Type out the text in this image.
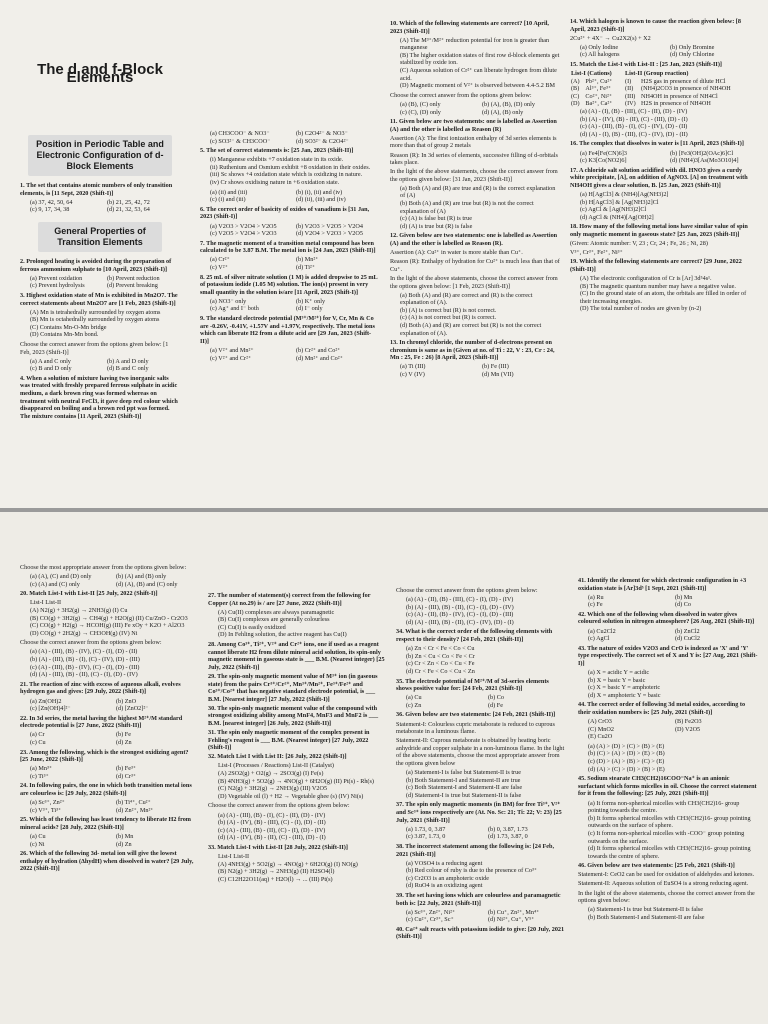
The d and f-Block Elements
Position in Periodic Table and Electronic Configuration of d-Block Elements

1. The set that contains atomic numbers of only transition elements, is [11 Sept, 2020 (Shift-I)]

(a) 37, 42, 50, 64	(b) 21, 25, 42, 72
(c) 9, 17, 34, 38	(d) 21, 32, 53, 64
General Properties of Transition Elements

2. Prolonged heating is avoided during the preparation of ferrous ammonium sulphate to [10 April, 2023 (Shift-I)]

(a) Prevent oxidation	(b) Prevent reduction
(c) Prevent hydrolysis	(d) Prevent breaking

3. Highest oxidation state of Mn is exhibited in Mn2O7. The correct statements about Mn2O7 are [1 Feb, 2023 (Shift-I)]

(A) Mn is tetrahedrally surrounded by oxygen atoms
(B) Mn is octahedrally surrounded by oxygen atoms
(C) Contains Mn-O-Mn bridge
(D) Contains Mn-Mn bond.

Choose the correct answer from the options given below: [1 Feb, 2023 (Shift-I)]

(a) A and C only	(b) A and D only
(c) B and D only	(d) B and C only

4. When a solution of mixture having two inorganic salts was treated with freshly prepared ferrous sulphate in acidic medium, a dark brown ring was formed whereas on treatment with neutral FeCl3, it gave deep red colour which disappeared on boiling and a brown red ppt was formed. The mixture contains [11 April, 2023 (Shift-I)]

(a) CH3COO⁻ & NO3⁻	(b) C2O4²⁻ & NO3⁻
(c) SO3²⁻ & CH3COO⁻	(d) SO3²⁻ & C2O4²⁻

5. The set of correct statements is: [25 Jan, 2023 (Shift-II)]

(i) Manganese exhibits +7 oxidation state in its oxide.
(ii) Ruthenium and Osmium exhibit +8 oxidation in their oxides.
(iii) Sc shows +4 oxidation state which is oxidizing in nature.
(iv) Cr shows oxidising nature in +6 oxidation state.
(a) (ii) and (iii)	(b) (i), (ii) and (iv)
(c) (i) and (iii)	(d) (ii), (iii) and (iv)

6. The correct order of basicity of oxides of vanadium is [31 Jan, 2023 (Shift-I)]

(a) V2O3 > V2O4 > V2O5	(b) V2O3 > V2O5 > V2O4
(c) V2O5 > V2O4 > V2O3	(d) V2O4 > V2O3 > V2O5

7. The magnetic moment of a transition metal compound has been calculated to be 3.87 B.M. The metal ion is [24 Jan, 2023 (Shift-II)]

(a) Cr²⁺	(b) Mn²⁺
(c) V²⁺	(d) Ti²⁺

8. 25 mL of silver nitrate solution (1 M) is added dropwise to 25 mL of potassium iodide (1.05 M) solution. The ion(s) present in very small quantity in the solution is/are [11 April, 2023 (Shift-I)]

(a) NO3⁻ only	(b) K⁺ only
(c) Ag⁺ and I⁻ both	(d) I⁻ only

9. The standard electrode potential (M³⁺/M²⁺) for V, Cr, Mn & Co are -0.26V, -0.41V, +1.57V and +1.97V, respectively. The metal ions which can liberate H2 from a dilute acid are [29 Jan, 2023 (Shift-II)]

(a) V²⁺ and Mn²⁺	(b) Cr²⁺ and Co²⁺
(c) V²⁺ and Cr²⁺	(d) Mn²⁺ and Co²⁺

10. Which of the following statements are correct? [10 April, 2023 (Shift-II)]

(A) The M³⁺/M²⁺ reduction potential for iron is greater than manganese
(B) The higher oxidation states of first row d-block elements get stabilized by oxide ion.
(C) Aqueous solution of Cr²⁺ can liberate hydrogen from dilute acid.
(D) Magnetic moment of V²⁺ is observed between 4.4-5.2 BM

Choose the correct answer from the options given below:

(a) (B), (C) only	(b) (A), (B), (D) only
(c) (C), (D) only	(d) (A), (B) only

11. Given below are two statements: one is labelled as Assertion (A) and the other is labelled as Reason (R)

Assertion (A): The first ionization enthalpy of 3d series elements is more than that of group 2 metals

Reason (R): In 3d series of elements, successive filling of d-orbitals takes place.

In the light of the above statements, choose the correct answer from the options given below: [31 Jan, 2023 (Shift-II)]

(a) Both (A) and (R) are true and (R) is the correct explanation of (A)
(b) Both (A) and (R) are true but (R) is not the correct explanation of (A)
(c) (A) is false but (R) is true
(d) (A) is true but (R) is false

12. Given below are two statements: one is labelled as Assertion (A) and the other is labelled as Reason (R).

Assertion (A): Cu²⁺ in water is more stable than Cu⁺.

Reason (R): Enthalpy of hydration for Cu²⁺ is much less than that of Cu⁺.

In the light of the above statements, choose the correct answer from the options given below: [1 Feb, 2023 (Shift-II)]

(a) Both (A) and (R) are correct and (R) is the correct explanation of (A).
(b) (A) is correct but (R) is not correct.
(c) (A) is not correct but (R) is correct.
(d) Both (A) and (R) are correct but (R) is not the correct explanation of (A).

13. In chromyl chloride, the number of d-electrons present on chromium is same as in (Given at no. of Ti : 22, V : 23, Cr : 24, Mn : 25, Fe : 26) [8 April, 2023 (Shift-II)]

(a) Ti (III)	(b) Fe (III)
(c) V (IV)	(d) Mn (VII)

14. Which halogen is known to cause the reaction given below: [8 April, 2023 (Shift-I)]

2Cu²⁺ + 4X⁻ → Cu2X2(s) + X2

(a) Only Iodine	(b) Only Bromine
(c) All halogens	(d) Only Chlorine

15. Match the List-I with List-II : [25 Jan, 2023 (Shift-II)]

List-I (Cations)		List-II (Group reaction)	
(A)	Pb²⁺, Cu²⁺	(I)	H2S gas in presence of dilute HCl
(B)	Al³⁺, Fe³⁺	(II)	(NH4)2CO3 in presence of NH4OH
(C)	Co²⁺, Ni²⁺	(III)	NH4OH in presence of NH4Cl
(D)	Ba²⁺, Ca²⁺	(IV)	H2S in presence of NH4OH
(a) (A) - (I), (B) - (III), (C) - (II), (D) - (IV)
(b) (A) - (IV), (B) - (II), (C) - (III), (D) - (I)
(c) (A) - (III), (B) - (I), (C) - (IV), (D) - (II)
(d) (A) - (I), (B) - (III), (C) - (IV), (D) - (II)

16. The complex that dissolves in water is [11 April, 2023 (Shift-I)]

(a) Fe4[Fe(CN)6]3	(b) [Fe3(OH)2(OAc)6]Cl
(c) K3[Co(NO2)6]	(d) (NH4)3[As(Mo3O10)4]

17. A chloride salt solution acidified with dil. HNO3 gives a curdy white precipitate, [A], on addition of AgNO3. [A] on treatment with NH4OH gives a clear solution, B. [25 Jan, 2023 (Shift-II)]

(a) H[AgCl3] & (NH4)[Ag(NH3)2]
(b) H[AgCl3] & [Ag(NH3)2]Cl
(c) AgCl & [Ag(NH3)2]Cl
(d) AgCl & (NH4)[Ag(OH)2]

18. How many of the following metal ions have similar value of spin only magnetic moment in gaseous state? [25 Jan, 2023 (Shift-II)]

(Given: Atomic number: V, 23 ; Cr, 24 ; Fe, 26 ; Ni, 28)

V³⁺, Cr³⁺, Fe²⁺, Ni³⁺

19. Which of the following statements are correct? [29 June, 2022 (Shift-II)]

(A) The electronic configuration of Cr is [Ar] 3d⁵4s¹.
(B) The magnetic quantum number may have a negative value.
(C) In the ground state of an atom, the orbitals are filled in order of their increasing energies.
(D) The total number of nodes are given by (n-2)

Choose the most appropriate answer from the options given below:

(a) (A), (C) and (D) only	(b) (A) and (B) only
(c) (A) and (C) only	(d) (A), (B) and (C) only

20. Match List-I with List-II [25 July, 2022 (Shift-I)]

List-I List-II
(A) N2(g) + 3H2(g) → 2NH3(g) (I) Cu
(B) CO(g) + 3H2(g) → CH4(g) + H2O(g) (II) Cu/ZnO - Cr2O3
(C) CO(g) + H2(g) → HCOH(g) (III) Fe xOy + K2O + Al2O3
(D) CO(g) + 2H2(g) → CH3OH(g) (IV) Ni

Choose the correct answer from the options given below:

(a) (A) - (III), (B) - (IV), (C) - (I), (D) - (II)
(b) (A) - (III), (B) - (I), (C) - (IV), (D) - (III)
(c) (A) - (III), (B) - (IV), (C) - (I), (D) - (III)
(d) (A) - (III), (B) - (II), (C) - (I), (D) - (IV)

21. The reaction of zinc with excess of aqueous alkali, evolves hydrogen gas and gives: [29 July, 2022 (Shift-I)]

(a) Zn(OH)2	(b) ZnO
(c) [Zn(OH)4]²⁻	(d) [ZnO2]²⁻

22. In 3d series, the metal having the highest M²⁺/M standard electrode potential is [27 June, 2022 (Shift-II)]

(a) Cr	(b) Fe
(c) Cu	(d) Zn

23. Among the following, which is the strongest oxidizing agent? [25 June, 2022 (Shift-I)]

(a) Mn³⁺	(b) Fe³⁺
(c) Ti³⁺	(d) Cr³⁺

24. In following pairs, the one in which both transition metal ions are colourless is: [29 July, 2022 (Shift-I)]

(a) Sc³⁺, Zn²⁺	(b) Ti⁴⁺, Cu²⁺
(c) V³⁺, Ti³⁺	(d) Zn²⁺, Mn²⁺

25. Which of the following has least tendency to liberate H2 from mineral acids? [28 July, 2022 (Shift-II)]

(a) Cu	(b) Mn
(c) Ni	(d) Zn

26. Which of the following 3d- metal ion will give the lowest enthalpy of hydration (ΔhydH) when dissolved in water? [29 July, 2022 (Shift-II)]

27. The number of statement(s) correct from the following for Copper (At no.29) is / are [27 June, 2022 (Shift-II)]

(A) Cu(II) complexes are always paramagnetic
(B) Cu(I) complexes are generally colourless
(C) Cu(I) is easily oxidized
(D) In Fehling solution, the active reagent has Cu(I)

28. Among Co³⁺, Ti²⁺, V²⁺ and Cr²⁺ ions, one if used as a reagent cannot liberate H2 from dilute mineral acid solution, its spin-only magnetic moment in gaseous state is ___ B.M. (Nearest integer) [25 July, 2022 (Shift-I)]

29. The spin-only magnetic moment value of M³⁺ ion (in gaseous state) from the pairs Cr³⁺/Cr²⁺, Mn³⁺/Mn²⁺, Fe³⁺/Fe²⁺ and Co³⁺/Co²⁺ that has negative standard electrode potential, is ___ B.M. [Nearest integer] [27 July, 2022 (Shift-I)]

30. The spin-only magnetic moment value of the compound with strongest oxidizing ability among MnF4, MnF3 and MnF2 is ___ B.M. [nearest integer] [26 July, 2022 (Shift-II)]

31. The spin only magnetic moment of the complex present in Fehling's reagent is ___ B.M. (Nearest integer) [27 July, 2022 (Shift-I)]

32. Match List I with List II: [26 July, 2022 (Shift-I)]

List-I (Processes / Reactions) List-II (Catalyst)
(A) 2SO2(g) + O2(g) → 2SO3(g) (I) Fe(s)
(B) 4NH3(g) + 5O2(g) → 4NO(g) + 6H2O(g) (II) Pt(s) - Rh(s)
(C) N2(g) + 3H2(g) → 2NH3(g) (III) V2O5
(D) Vegetable oil (l) + H2 → Vegetable ghee (s) (IV) Ni(s)

Choose the correct answer from the options given below:

(a) (A) - (III), (B) - (I), (C) - (II), (D) - (IV)
(b) (A) - (IV), (B) - (III), (C) - (I), (D) - (II)
(c) (A) - (III), (B) - (II), (C) - (I), (D) - (IV)
(d) (A) - (IV), (B) - (II), (C) - (III), (D) - (I)

33. Match List-I with List-II [28 July, 2022 (Shift-II)]

List-I List-II
(A) 4NH3(g) + 5O2(g) → 4NO(g) + 6H2O(g) (I) NO(g)
(B) N2(g) + 3H2(g) → 2NH3(g) (II) H2SO4(l)
(C) C12H22O11(aq) + H2O(l) → ... (III) Pt(s)

Choose the correct answer from the options given below:

(a) (A) - (II), (B) - (III), (C) - (I), (D) - (IV)
(b) (A) - (III), (B) - (II), (C) - (I), (D) - (IV)
(c) (A) - (II), (B) - (IV), (C) - (I), (D) - (III)
(d) (A) - (III), (B) - (II), (C) - (IV), (D) - (I)

34. What is the correct order of the following elements with respect to their density? [24 Feb, 2021 (Shift-II)]

(a) Zn < Cr < Fe < Co < Cu
(b) Zn < Cu < Co < Fe < Cr
(c) Cr < Zn < Co < Cu < Fe
(d) Cr < Fe < Co < Cu < Zn

35. The electrode potential of M²⁺/M of 3d-series elements shows positive value for: [24 Feb, 2021 (Shift-I)]

(a) Cu	(b) Co
(c) Zn	(d) Fe

36. Given below are two statements: [24 Feb, 2021 (Shift-II)]

Statement-I: Colourless cupric metaborate is reduced to cuprous metaborate in a luminous flame.

Statement-II: Cuprous metaborate is obtained by heating boric anhydride and copper sulphate in a non-luminous flame. In the light of the above statements, choose the most appropriate answer from the options given below

(a) Statement-I is false but Statement-II is true
(b) Both Statement-I and Statement-II are true
(c) Both Statement-I and Statement-II are false
(d) Statement-I is true but Statement-II is false

37. The spin only magnetic moments (in BM) for free Ti³⁺, V²⁺ and Sc³⁺ ions respectively are (At. No. Sc: 21; Ti: 22; V: 23) [25 July, 2021 (Shift-II)]

(a) 1.73, 0, 3.87	(b) 0, 3.87, 1.73
(c) 3.87, 1.73, 0	(d) 1.73, 3.87, 0

38. The incorrect statement among the following is: [24 Feb, 2021 (Shift-II)]

(a) VOSO4 is a reducing agent
(b) Red colour of ruby is due to the presence of Co³⁺
(c) Cr2O3 is an amphoteric oxide
(d) RuO4 is an oxidizing agent

39. The set having ions which are colourless and paramagnetic both is: [22 July, 2021 (Shift-II)]

(a) Sc³⁺, Zn²⁺, Ni²⁺	(b) Cu⁺, Zn²⁺, Mn⁴⁺
(c) Cu²⁺, Cr³⁺, Sc⁺	(d) Ni²⁺, Cu⁺, V⁵⁺

40. Ca²⁺ salt reacts with potassium iodide to give: [20 July, 2021 (Shift-II)]

41. Identify the element for which electronic configuration in +3 oxidation state is [Ar]3d⁵ [1 Sept, 2021 (Shift-II)]

(a) Ru	(b) Mn
(c) Fe	(d) Co

42. Which one of the following when dissolved in water gives coloured solution in nitrogen atmosphere? [26 Aug, 2021 (Shift-II)]

(a) Cu2Cl2	(b) ZnCl2
(c) AgCl	(d) CuCl2

43. The nature of oxides V2O3 and CrO is indexed as 'X' and 'Y' type respectively. The correct set of X and Y is: [27 Aug, 2021 (Shift-I)]

(a) X = acidic Y = acidic
(b) X = basic Y = basic
(c) X = basic Y = amphoteric
(d) X = amphoteric Y = basic

44. The correct order of following 3d metal oxides, according to their oxidation numbers is: [25 July, 2021 (Shift-I)]

(A) CrO3	(B) Fe2O3
(C) MnO2	(D) V2O5
(E) Cu2O
(a) (A) > (D) > (C) > (B) > (E)
(b) (C) > (A) > (D) > (E) > (B)
(c) (D) > (A) > (B) > (C) > (E)
(d) (A) > (C) > (D) > (B) > (E)

45. Sodium stearate CH3(CH2)16COO⁻Na⁺ is an anionic surfactant which forms micelles in oil. Choose the correct statement for it from the following: [25 July, 2021 (Shift-II)]

(a) It forms non-spherical micelles with CH3(CH2)16- group pointing towards the centre.
(b) It forms spherical micelles with CH3(CH2)16- group pointing outwards on the surface of sphere.
(c) It forms non-spherical micelles with -COO⁻ group pointing outwards on the surface.
(d) It forms spherical micelles with CH3(CH2)16- group pointing towards the centre of sphere.

46. Given below are two statements: [25 Feb, 2021 (Shift-I)]

Statement-I: CeO2 can be used for oxidation of aldehydes and ketones.

Statement-II: Aqueous solution of EuSO4 is a strong reducing agent.

In the light of the above statements, choose the correct answer from the options given below:

(a) Statement-I is true but Statement-II is false
(b) Both Statement-I and Statement-II are false
